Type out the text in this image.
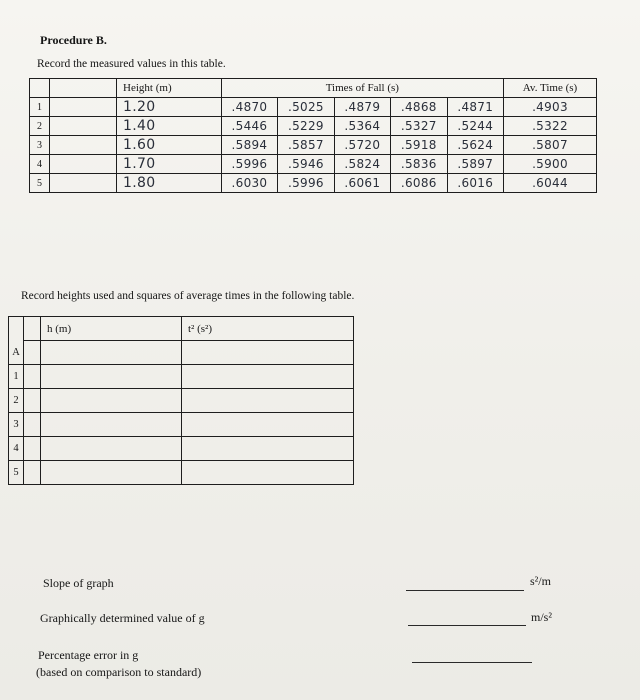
Procedure B.
Record the measured values in this table.
		Height (m)	Times of Fall (s)					Av. Time (s)
1		1.20	.4870	.5025	.4879	.4868	.4871	.4903
2		1.40	.5446	.5229	.5364	.5327	.5244	.5322
3		1.60	.5894	.5857	.5720	.5918	.5624	.5807
4		1.70	.5996	.5946	.5824	.5836	.5897	.5900
5		1.80	.6030	.5996	.6061	.6086	.6016	.6044
Record heights used and squares of average times in the following table.
		h (m)	t² (s²)
A			
1			
2			
3			
4			
5			
Slope of graph	s²/m
Graphically determined value of g	m/s²
Percentage error in g
(based on comparison to standard)
